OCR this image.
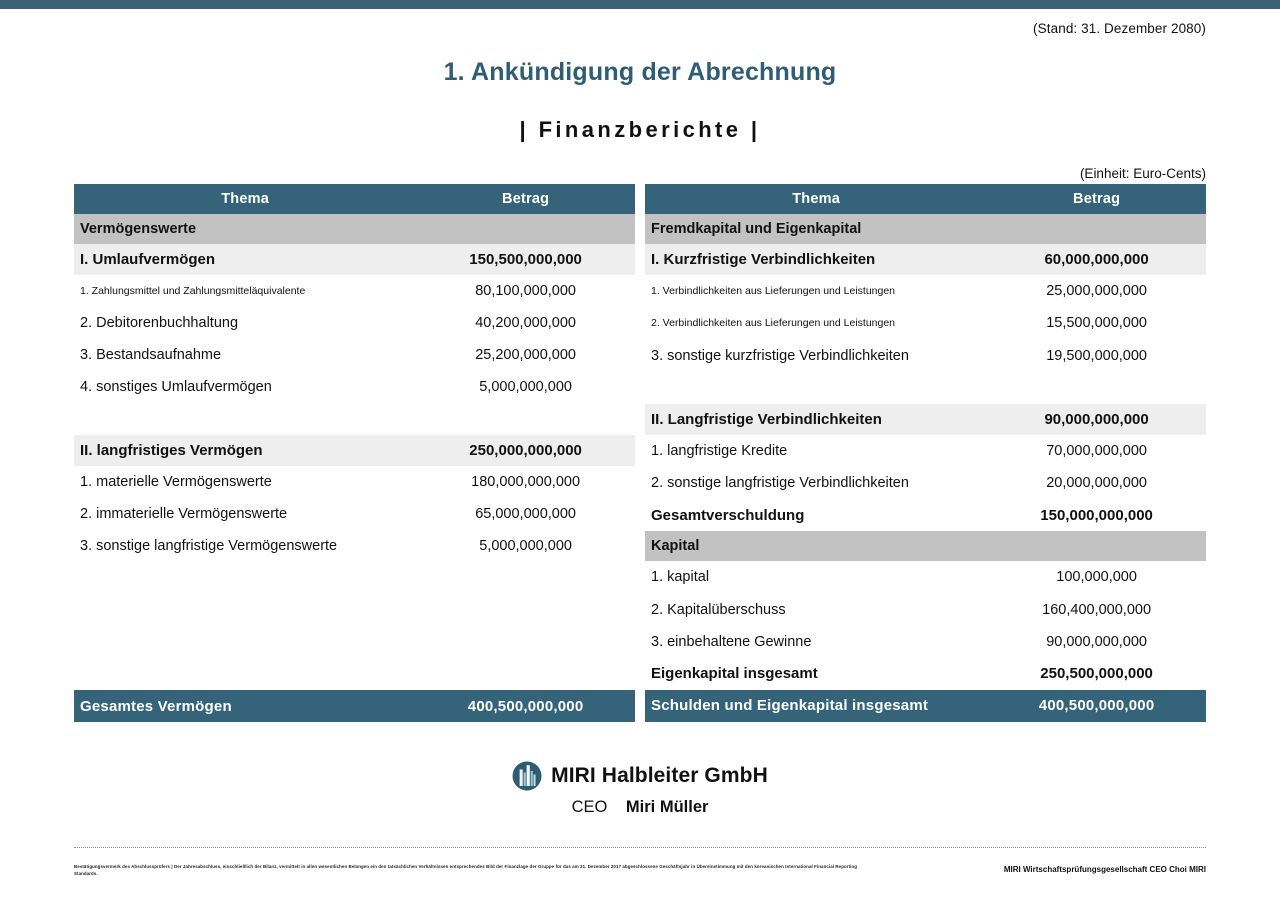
(Stand: 31. Dezember 2080)
1. Ankündigung der Abrechnung
| Finanzberichte |
(Einheit: Euro-Cents)
Thema	Betrag
Vermögenswerte	
I. Umlaufvermögen	150,500,000,000
1. Zahlungsmittel und Zahlungsmitteläquivalente	80,100,000,000
2. Debitorenbuchhaltung	40,200,000,000
3. Bestandsaufnahme	25,200,000,000
4. sonstiges Umlaufvermögen	5,000,000,000

II. langfristiges Vermögen	250,000,000,000
1. materielle Vermögenswerte	180,000,000,000
2. immaterielle Vermögenswerte	65,000,000,000
3. sonstige langfristige Vermögenswerte	5,000,000,000

Gesamtes Vermögen	400,500,000,000
Thema	Betrag
Fremdkapital und Eigenkapital	
I. Kurzfristige Verbindlichkeiten	60,000,000,000
1. Verbindlichkeiten aus Lieferungen und Leistungen	25,000,000,000
2. Verbindlichkeiten aus Lieferungen und Leistungen	15,500,000,000
3. sonstige kurzfristige Verbindlichkeiten	19,500,000,000

II. Langfristige Verbindlichkeiten	90,000,000,000
1. langfristige Kredite	70,000,000,000
2. sonstige langfristige Verbindlichkeiten	20,000,000,000
Gesamtverschuldung	150,000,000,000
Kapital	
1. kapital	100,000,000
2. Kapitalüberschuss	160,400,000,000
3. einbehaltene Gewinne	90,000,000,000
Eigenkapital insgesamt	250,500,000,000
Schulden und Eigenkapital insgesamt	400,500,000,000
MIRI Halbleiter GmbH
CEO Miri Müller
Bestätigungsvermerk des Abschlussprüfers | Der Jahresabschluss, einschließlich der Bilanz, vermittelt in allen wesentlichen Belangen ein den tatsächlichen Verhältnissen entsprechendes Bild der Finanzlage der Gruppe für das am 31. Dezember 2017 abgeschlossene Geschäftsjahr in Übereinstimmung mit den koreanischen International Financial Reporting Standards.	MIRI Wirtschaftsprüfungsgesellschaft CEO Choi MIRI
